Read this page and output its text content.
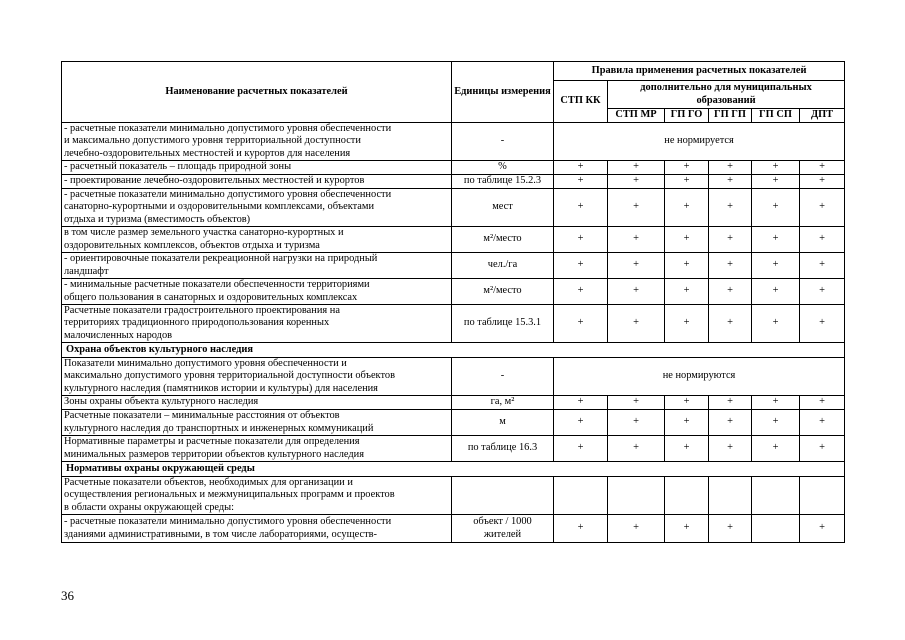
Наименование расчетных показателей	Единицы измерения	Правила применения расчетных показателей					
		СТП КК	дополнительно для муниципальных образований				
			СТП МР	ГП ГО	ГП ГП	ГП СП	ДПТ

- расчетные показатели минимально допустимого уровня обеспеченности
и максимально допустимого уровня территориальной доступности
лечебно-оздоровительных местностей и курортов для населения	-	не нормируется					

- расчетный показатель – площадь природной зоны	%	+	+	+	+	+	+

- проектирование лечебно-оздоровительных местностей и курортов	по таблице 15.2.3	+	+	+	+	+	+

- расчетные показатели минимально допустимого уровня обеспеченности
санаторно-курортными и оздоровительными комплексами, объектами
отдыха и туризма (вместимость объектов)	мест	+	+	+	+	+	+

в том числе размер земельного участка санаторно-курортных и
оздоровительных комплексов, объектов отдыха и туризма	м²/место	+	+	+	+	+	+

- ориентировочные показатели рекреационной нагрузки на природный
ландшафт	чел./га	+	+	+	+	+	+

- минимальные расчетные показатели обеспеченности территориями
общего пользования в санаторных и оздоровительных комплексах	м²/место	+	+	+	+	+	+

Расчетные показатели градостроительного проектирования на
территориях традиционного природопользования коренных
малочисленных народов	по таблице 15.3.1	+	+	+	+	+	+
Охрана объектов культурного наследия							

Показатели минимально допустимого уровня обеспеченности и
максимально допустимого уровня территориальной доступности объектов
культурного наследия (памятников истории и культуры) для населения	-	не нормируются					

Зоны охраны объекта культурного наследия	га, м²	+	+	+	+	+	+

Расчетные показатели – минимальные расстояния от объектов
культурного наследия до транспортных и инженерных коммуникаций	м	+	+	+	+	+	+

Нормативные параметры и расчетные показатели для определения
минимальных размеров территории объектов культурного наследия	по таблице 16.3	+	+	+	+	+	+
Нормативы охраны окружающей среды							

Расчетные показатели объектов, необходимых для организации и
осуществления региональных и межмуниципальных программ и проектов
в области охраны окружающей среды:							

- расчетные показатели минимально допустимого уровня обеспеченности
зданиями административными, в том числе лабораториями, осуществ-	объект / 1000 жителей	+	+	+	+		+
36
